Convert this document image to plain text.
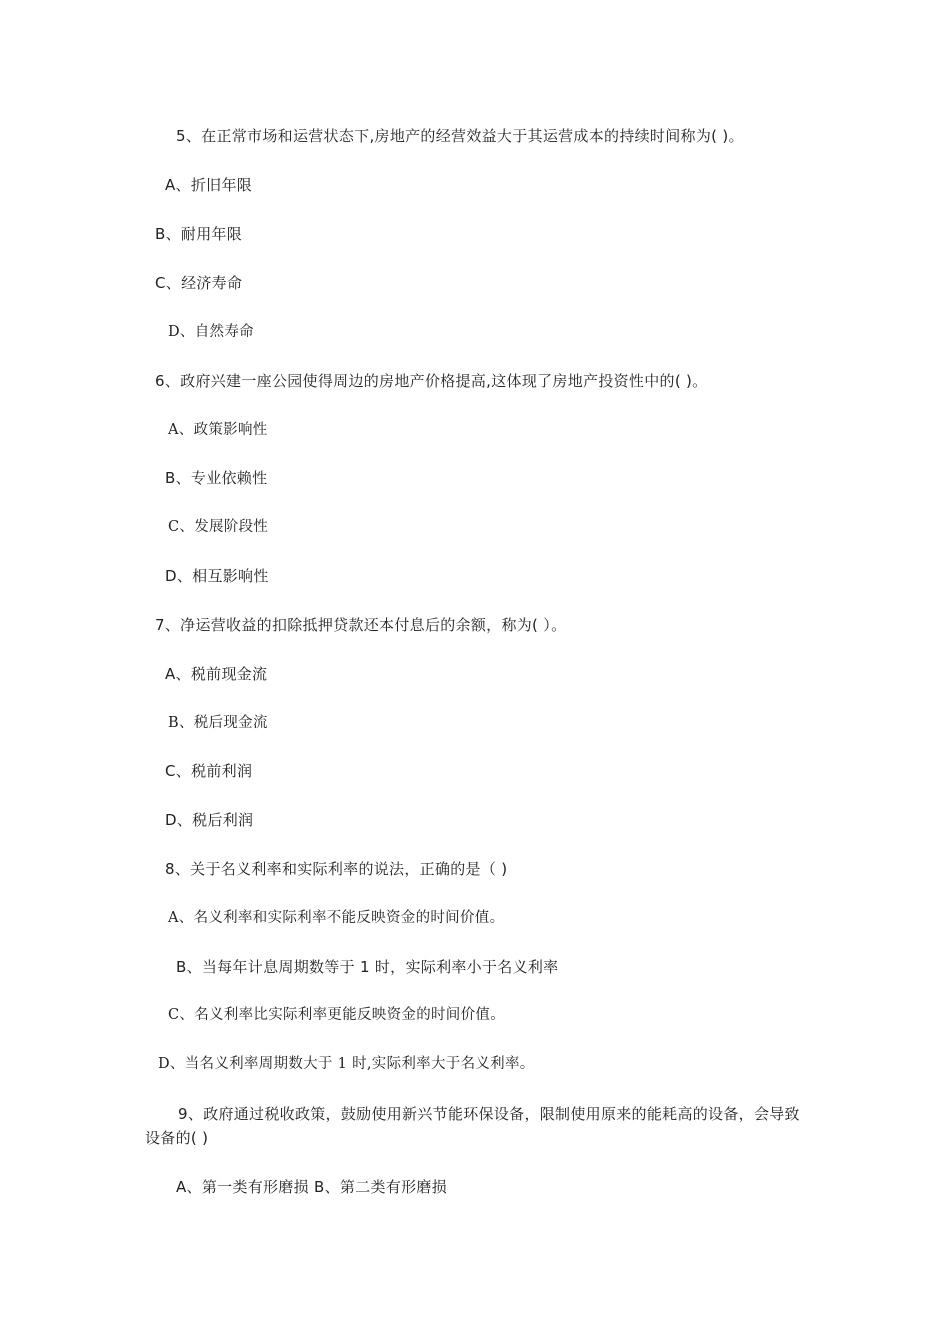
5、在正常市场和运营状态下,房地产的经营效益大于其运营成本的持续时间称为( )。
A、折旧年限
B、耐用年限
C、经济寿命
D、自然寿命
6、政府兴建一座公园使得周边的房地产价格提高,这体现了房地产投资性中的( )。
A、政策影响性
B、专业依赖性
C、发展阶段性
D、相互影响性
7、净运营收益的扣除抵押贷款还本付息后的余额，称为( ）。
A、税前现金流
B、税后现金流
C、税前利润
D、税后利润
8、关于名义利率和实际利率的说法，正确的是（ )
A、名义利率和实际利率不能反映资金的时间价值。
B、当每年计息周期数等于 1 时，实际利率小于名义利率
C、名义利率比实际利率更能反映资金的时间价值。
D、当名义利率周期数大于 1 时,实际利率大于名义利率。
9、政府通过税收政策，鼓励使用新兴节能环保设备，限制使用原来的能耗高的设备，会导致设备的( )
A、第一类有形磨损 B、第二类有形磨损
